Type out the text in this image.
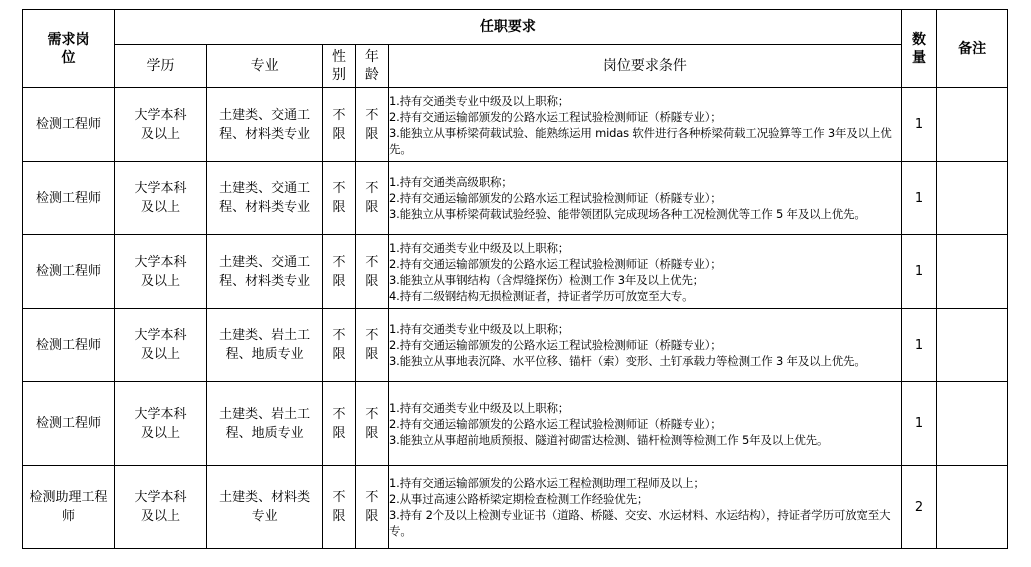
需求岗位	任职要求					数量	备注
	学历	专业	性别	年龄	岗位要求条件		
检测工程师	大学本科及以上	土建类、交通工程、材料类专业	不限	不限	1.持有交通类专业中级及以上职称；
2.持有交通运输部颁发的公路水运工程试验检测师证（桥隧专业）；
3.能独立从事桥梁荷载试验、能熟练运用 midas 软件进行各种桥梁荷载工况验算等工作 3年及以上优先。	1	
检测工程师	大学本科及以上	土建类、交通工程、材料类专业	不限	不限	1.持有交通类高级职称；
2.持有交通运输部颁发的公路水运工程试验检测师证（桥隧专业）；
3.能独立从事桥梁荷载试验经验、能带领团队完成现场各种工况检测优等工作 5 年及以上优先。	1	
检测工程师	大学本科及以上	土建类、交通工程、材料类专业	不限	不限	1.持有交通类专业中级及以上职称；
2.持有交通运输部颁发的公路水运工程试验检测师证（桥隧专业）；
3.能独立从事钢结构（含焊缝探伤）检测工作 3年及以上优先；
4.持有二级钢结构无损检测证者，持证者学历可放宽至大专。	1	
检测工程师	大学本科及以上	土建类、岩土工程、地质专业	不限	不限	1.持有交通类专业中级及以上职称；
2.持有交通运输部颁发的公路水运工程试验检测师证（桥隧专业）；
3.能独立从事地表沉降、水平位移、锚杆（索）变形、土钉承载力等检测工作 3 年及以上优先。	1	
检测工程师	大学本科及以上	土建类、岩土工程、地质专业	不限	不限	1.持有交通类专业中级及以上职称；
2.持有交通运输部颁发的公路水运工程试验检测师证（桥隧专业）；
3.能独立从事超前地质预报、隧道衬砌雷达检测、锚杆检测等检测工作 5年及以上优先。	1	
检测助理工程师	大学本科及以上	土建类、材料类专业	不限	不限	1.持有交通运输部颁发的公路水运工程检测助理工程师及以上；
2.从事过高速公路桥梁定期检查检测工作经验优先；
3.持有 2个及以上检测专业证书（道路、桥隧、交安、水运材料、水运结构），持证者学历可放宽至大专。	2	
